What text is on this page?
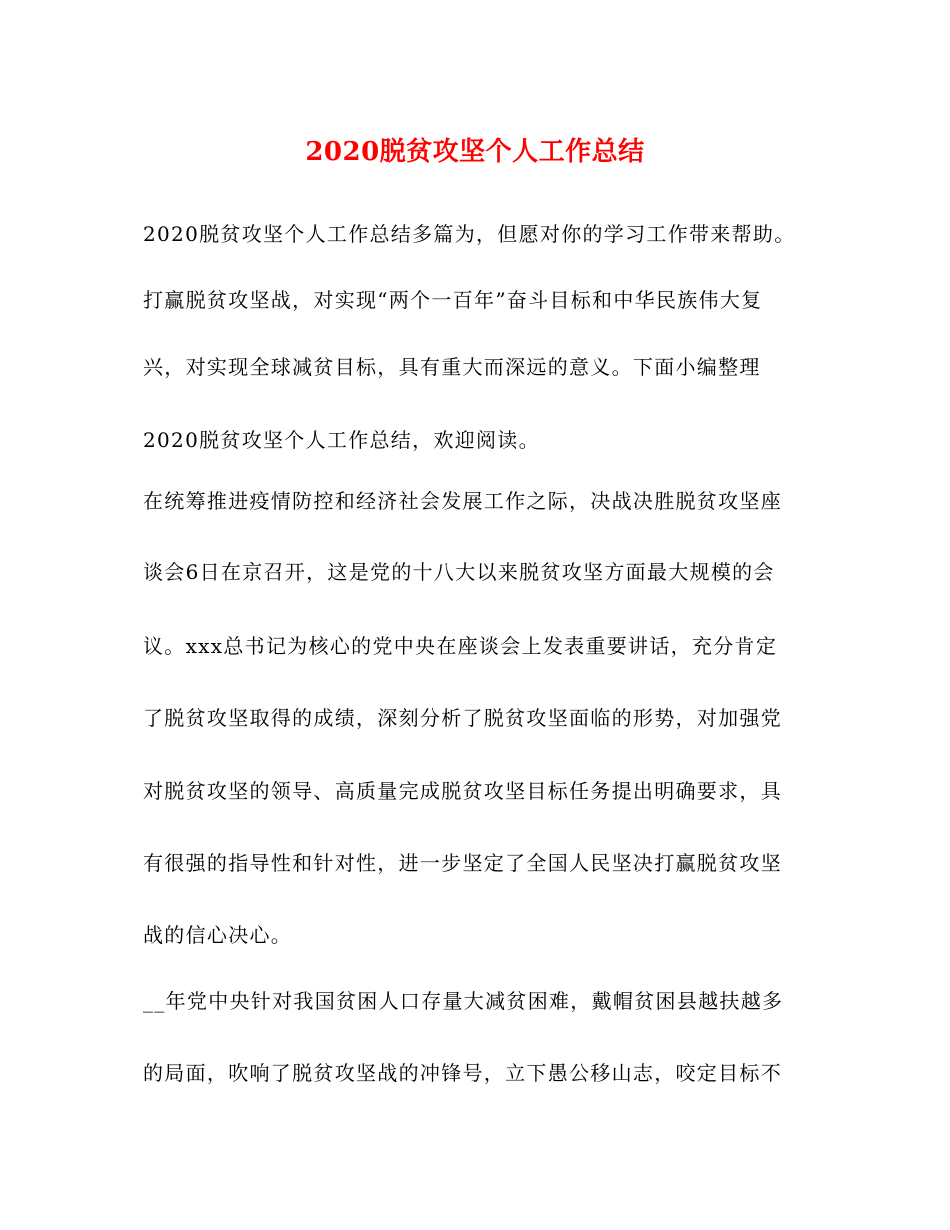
2020脱贫攻坚个人工作总结
2020脱贫攻坚个人工作总结多篇为，但愿对你的学习工作带来帮助。
打赢脱贫攻坚战，对实现“两个一百年”奋斗目标和中华民族伟大复
兴，对实现全球减贫目标，具有重大而深远的意义。下面小编整理
2020脱贫攻坚个人工作总结，欢迎阅读。
在统筹推进疫情防控和经济社会发展工作之际，决战决胜脱贫攻坚座
谈会6日在京召开，这是党的十八大以来脱贫攻坚方面最大规模的会
议。xxx总书记为核心的党中央在座谈会上发表重要讲话，充分肯定
了脱贫攻坚取得的成绩，深刻分析了脱贫攻坚面临的形势，对加强党
对脱贫攻坚的领导、高质量完成脱贫攻坚目标任务提出明确要求，具
有很强的指导性和针对性，进一步坚定了全国人民坚决打赢脱贫攻坚
战的信心决心。
__年党中央针对我国贫困人口存量大减贫困难，戴帽贫困县越扶越多
的局面，吹响了脱贫攻坚战的冲锋号，立下愚公移山志，咬定目标不
